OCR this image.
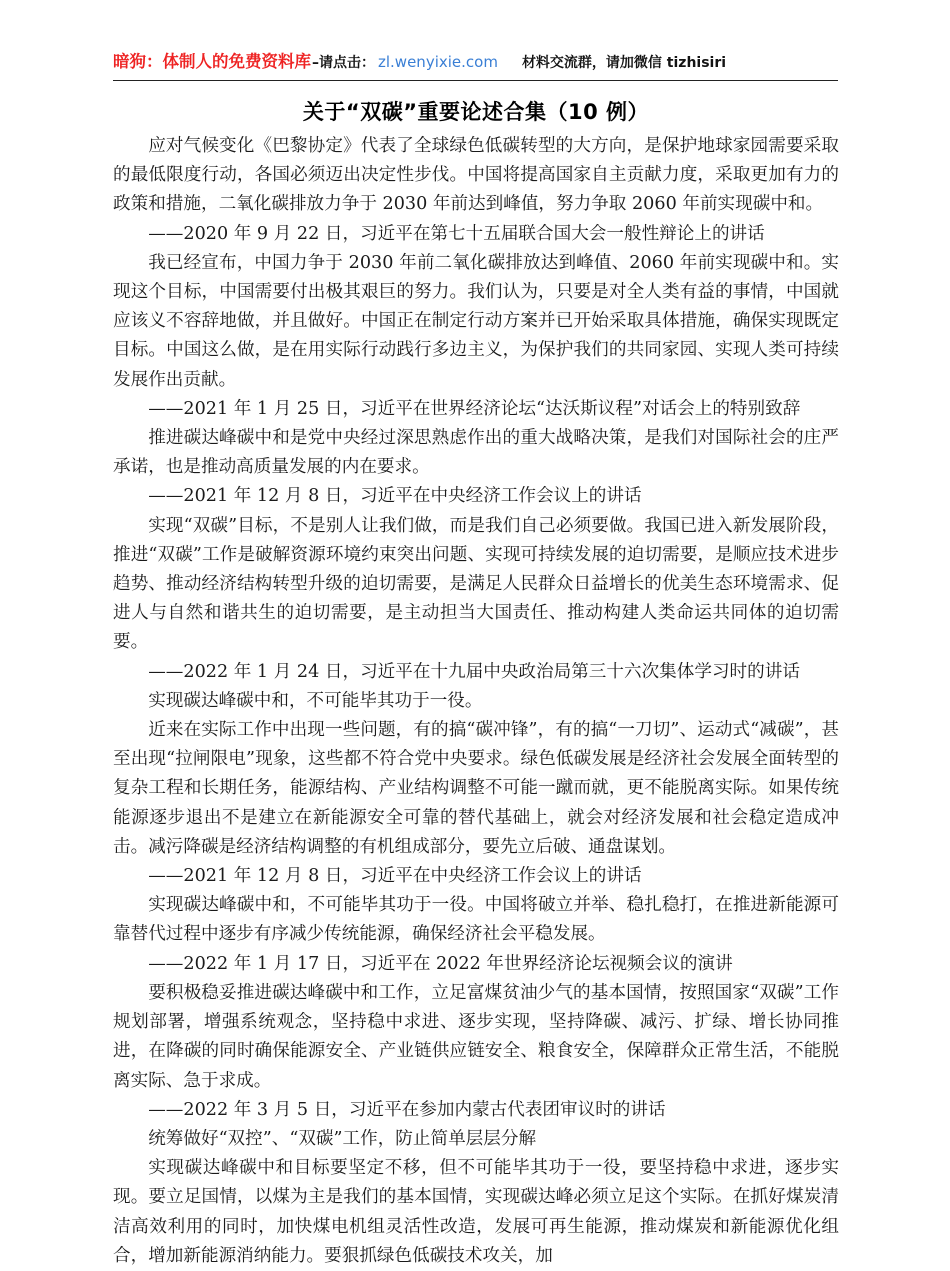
暗狗：体制人的免费资料库 –请点击： zl.wenyixie.com 材料交流群，请加微信 tizhisiri
关于“双碳”重要论述合集（10 例）

应对气候变化《巴黎协定》代表了全球绿色低碳转型的大方向，是保护地球家园需要采取的最低限度行动，各国必须迈出决定性步伐。中国将提高国家自主贡献力度，采取更加有力的政策和措施，二氧化碳排放力争于 2030 年前达到峰值，努力争取 2060 年前实现碳中和。

——2020 年 9 月 22 日，习近平在第七十五届联合国大会一般性辩论上的讲话

我已经宣布，中国力争于 2030 年前二氧化碳排放达到峰值、2060 年前实现碳中和。实现这个目标，中国需要付出极其艰巨的努力。我们认为，只要是对全人类有益的事情，中国就应该义不容辞地做，并且做好。中国正在制定行动方案并已开始采取具体措施，确保实现既定目标。中国这么做，是在用实际行动践行多边主义，为保护我们的共同家园、实现人类可持续发展作出贡献。

——2021 年 1 月 25 日，习近平在世界经济论坛“达沃斯议程”对话会上的特别致辞

推进碳达峰碳中和是党中央经过深思熟虑作出的重大战略决策，是我们对国际社会的庄严承诺，也是推动高质量发展的内在要求。

——2021 年 12 月 8 日，习近平在中央经济工作会议上的讲话

实现“双碳”目标，不是别人让我们做，而是我们自己必须要做。我国已进入新发展阶段，推进“双碳”工作是破解资源环境约束突出问题、实现可持续发展的迫切需要，是顺应技术进步趋势、推动经济结构转型升级的迫切需要，是满足人民群众日益增长的优美生态环境需求、促进人与自然和谐共生的迫切需要，是主动担当大国责任、推动构建人类命运共同体的迫切需要。

——2022 年 1 月 24 日，习近平在十九届中央政治局第三十六次集体学习时的讲话

实现碳达峰碳中和，不可能毕其功于一役。

近来在实际工作中出现一些问题，有的搞“碳冲锋”，有的搞“一刀切”、运动式“减碳”，甚至出现“拉闸限电”现象，这些都不符合党中央要求。绿色低碳发展是经济社会发展全面转型的复杂工程和长期任务，能源结构、产业结构调整不可能一蹴而就，更不能脱离实际。如果传统能源逐步退出不是建立在新能源安全可靠的替代基础上，就会对经济发展和社会稳定造成冲击。减污降碳是经济结构调整的有机组成部分，要先立后破、通盘谋划。

——2021 年 12 月 8 日，习近平在中央经济工作会议上的讲话

实现碳达峰碳中和，不可能毕其功于一役。中国将破立并举、稳扎稳打，在推进新能源可靠替代过程中逐步有序减少传统能源，确保经济社会平稳发展。

——2022 年 1 月 17 日，习近平在 2022 年世界经济论坛视频会议的演讲

要积极稳妥推进碳达峰碳中和工作，立足富煤贫油少气的基本国情，按照国家“双碳”工作规划部署，增强系统观念，坚持稳中求进、逐步实现，坚持降碳、减污、扩绿、增长协同推进，在降碳的同时确保能源安全、产业链供应链安全、粮食安全，保障群众正常生活，不能脱离实际、急于求成。

——2022 年 3 月 5 日，习近平在参加内蒙古代表团审议时的讲话

统筹做好“双控”、“双碳”工作，防止简单层层分解

实现碳达峰碳中和目标要坚定不移，但不可能毕其功于一役，要坚持稳中求进，逐步实现。要立足国情，以煤为主是我们的基本国情，实现碳达峰必须立足这个实际。在抓好煤炭清洁高效利用的同时，加快煤电机组灵活性改造，发展可再生能源，推动煤炭和新能源优化组合，增加新能源消纳能力。要狠抓绿色低碳技术攻关，加
